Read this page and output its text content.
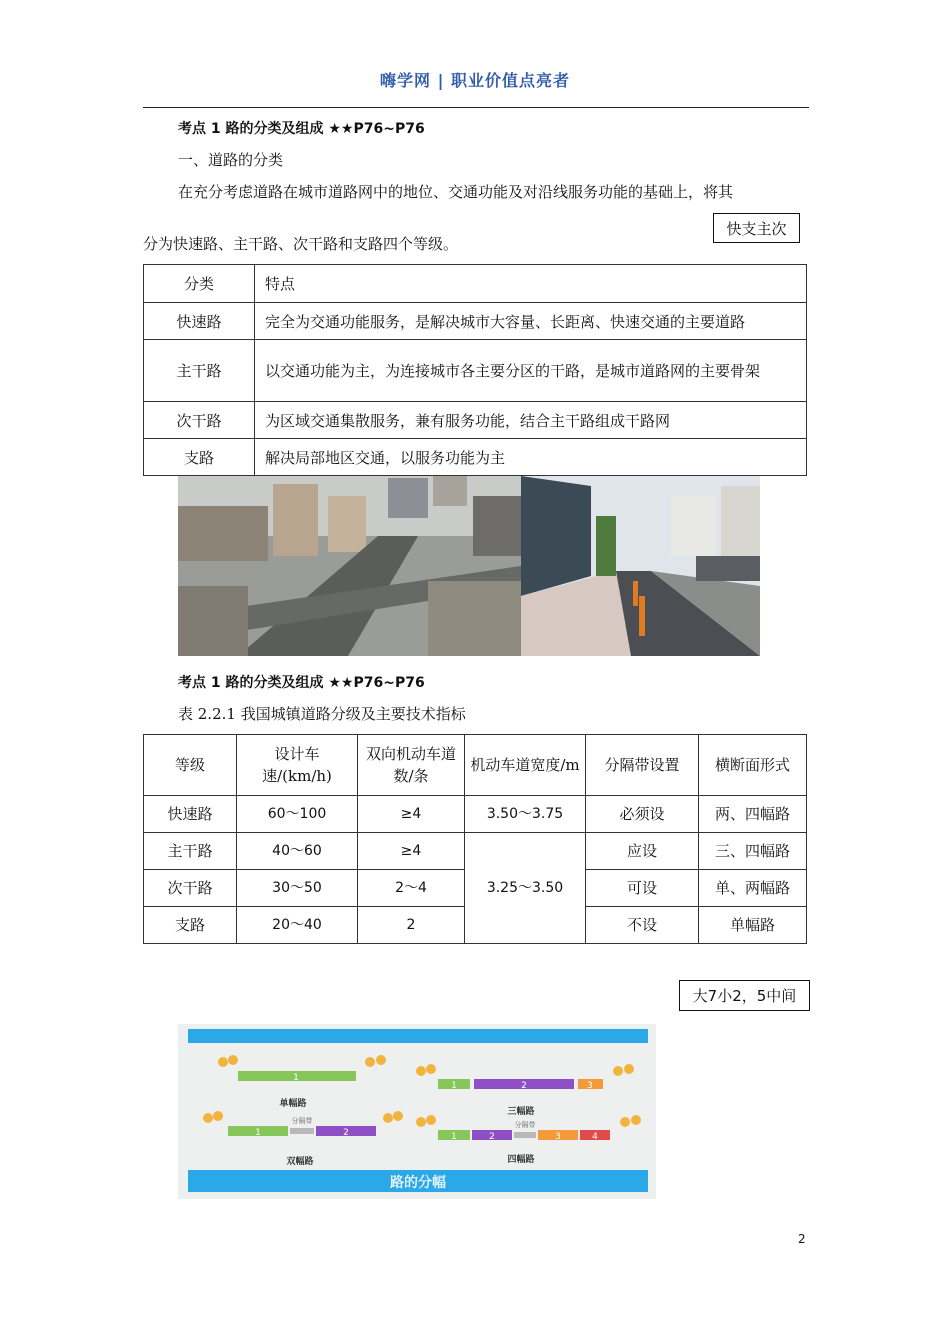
嗨学网 | 职业价值点亮者
考点 1 路的分类及组成 ★★P76~P76
一、道路的分类
在充分考虑道路在城市道路网中的地位、交通功能及对沿线服务功能的基础上，将其
分为快速路、主干路、次干路和支路四个等级。
快支主次
分类	特点
快速路	完全为交通功能服务，是解决城市大容量、长距离、快速交通的主要道路
主干路	以交通功能为主，为连接城市各主要分区的干路，是城市道路网的主要骨架
次干路	为区域交通集散服务，兼有服务功能，结合主干路组成干路网
支路	解决局部地区交通，以服务功能为主
考点 1 路的分类及组成 ★★P76~P76
表 2.2.1 我国城镇道路分级及主要技术指标
等级	设计车速/(km/h)	双向机动车道数/条	机动车道宽度/m	分隔带设置	横断面形式
快速路	60～100	≥4	3.50～3.75	必须设	两、四幅路
主干路	40～60	≥4	3.25～3.50	应设	三、四幅路
次干路	30～50	2～4		可设	单、两幅路
支路	20～40	2		不设	单幅路
大7小2，5中间
路的分幅
1
单幅路
1	2	3
三幅路
1	2
分隔带
双幅路
1	2	3	4
分隔带
四幅路
2
